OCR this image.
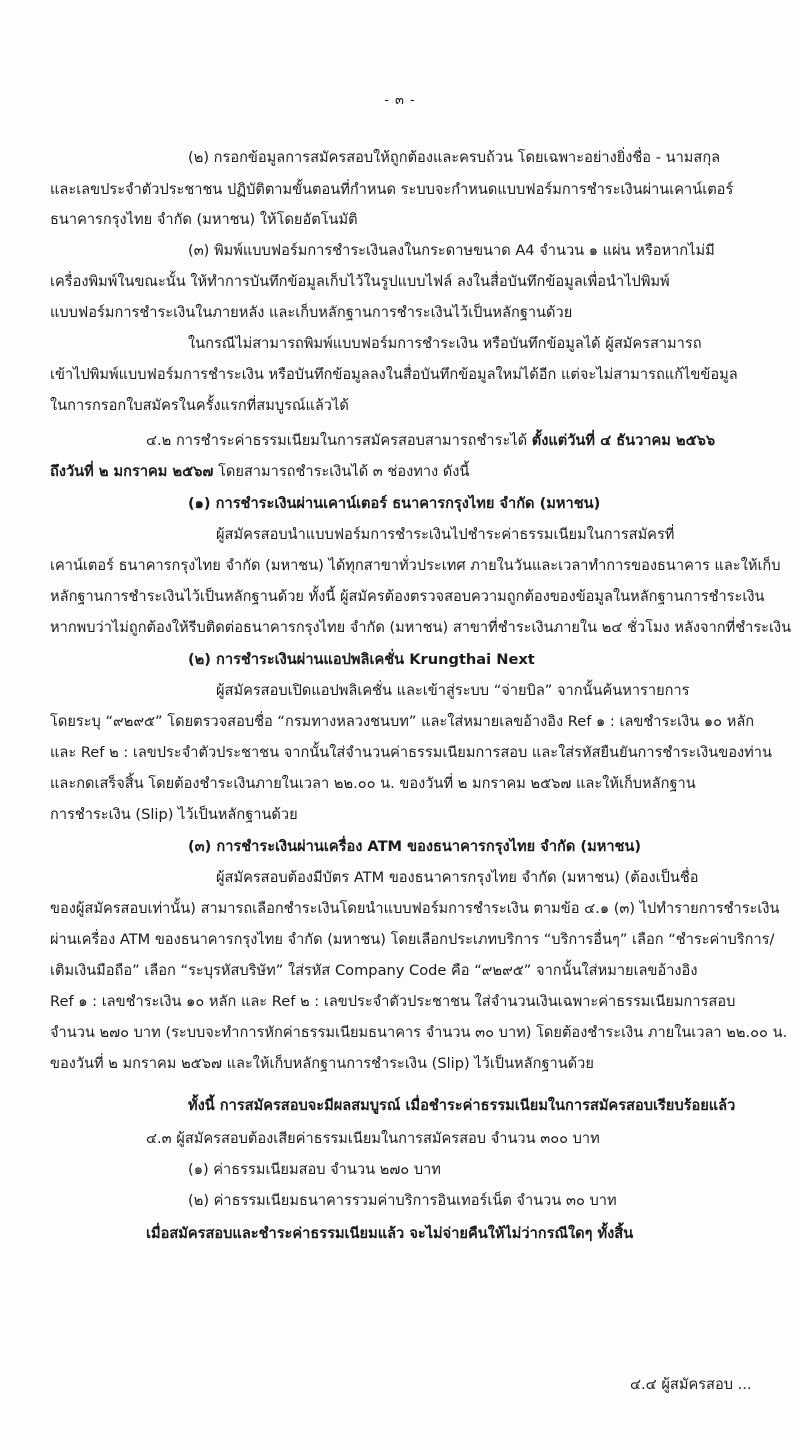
- ๓ -
(๒) กรอกข้อมูลการสมัครสอบให้ถูกต้องและครบถ้วน โดยเฉพาะอย่างยิ่งชื่อ - นามสกุล
และเลขประจำตัวประชาชน ปฏิบัติตามขั้นตอนที่กำหนด ระบบจะกำหนดแบบฟอร์มการชำระเงินผ่านเคาน์เตอร์
ธนาคารกรุงไทย จำกัด (มหาชน) ให้โดยอัตโนมัติ
(๓) พิมพ์แบบฟอร์มการชำระเงินลงในกระดาษขนาด A4 จำนวน ๑ แผ่น หรือหากไม่มี
เครื่องพิมพ์ในขณะนั้น ให้ทำการบันทึกข้อมูลเก็บไว้ในรูปแบบไฟล์ ลงในสื่อบันทึกข้อมูลเพื่อนำไปพิมพ์
แบบฟอร์มการชำระเงินในภายหลัง และเก็บหลักฐานการชำระเงินไว้เป็นหลักฐานด้วย
ในกรณีไม่สามารถพิมพ์แบบฟอร์มการชำระเงิน หรือบันทึกข้อมูลได้ ผู้สมัครสามารถ
เข้าไปพิมพ์แบบฟอร์มการชำระเงิน หรือบันทึกข้อมูลลงในสื่อบันทึกข้อมูลใหม่ได้อีก แต่จะไม่สามารถแก้ไขข้อมูล
ในการกรอกใบสมัครในครั้งแรกที่สมบูรณ์แล้วได้
๔.๒ การชำระค่าธรรมเนียมในการสมัครสอบสามารถชำระได้ ตั้งแต่วันที่ ๔ ธันวาคม ๒๕๖๖
ถึงวันที่ ๒ มกราคม ๒๕๖๗ โดยสามารถชำระเงินได้ ๓ ช่องทาง ดังนี้
(๑) การชำระเงินผ่านเคาน์เตอร์ ธนาคารกรุงไทย จำกัด (มหาชน)
ผู้สมัครสอบนำแบบฟอร์มการชำระเงินไปชำระค่าธรรมเนียมในการสมัครที่
เคาน์เตอร์ ธนาคารกรุงไทย จำกัด (มหาชน) ได้ทุกสาขาทั่วประเทศ ภายในวันและเวลาทำการของธนาคาร และให้เก็บ
หลักฐานการชำระเงินไว้เป็นหลักฐานด้วย ทั้งนี้ ผู้สมัครต้องตรวจสอบความถูกต้องของข้อมูลในหลักฐานการชำระเงิน
หากพบว่าไม่ถูกต้องให้รีบติดต่อธนาคารกรุงไทย จำกัด (มหาชน) สาขาที่ชำระเงินภายใน ๒๔ ชั่วโมง หลังจากที่ชำระเงิน
(๒) การชำระเงินผ่านแอปพลิเคชั่น Krungthai Next
ผู้สมัครสอบเปิดแอปพลิเคชั่น และเข้าสู่ระบบ “จ่ายบิล” จากนั้นค้นหารายการ
โดยระบุ “๙๒๙๕” โดยตรวจสอบชื่อ “กรมทางหลวงชนบท” และใส่หมายเลขอ้างอิง Ref ๑ : เลขชำระเงิน ๑๐ หลัก
และ Ref ๒ : เลขประจำตัวประชาชน จากนั้นใส่จำนวนค่าธรรมเนียมการสอบ และใส่รหัสยืนยันการชำระเงินของท่าน
และกดเสร็จสิ้น โดยต้องชำระเงินภายในเวลา ๒๒.๐๐ น. ของวันที่ ๒ มกราคม ๒๕๖๗ และให้เก็บหลักฐาน
การชำระเงิน (Slip) ไว้เป็นหลักฐานด้วย
(๓) การชำระเงินผ่านเครื่อง ATM ของธนาคารกรุงไทย จำกัด (มหาชน)
ผู้สมัครสอบต้องมีบัตร ATM ของธนาคารกรุงไทย จำกัด (มหาชน) (ต้องเป็นชื่อ
ของผู้สมัครสอบเท่านั้น) สามารถเลือกชำระเงินโดยนำแบบฟอร์มการชำระเงิน ตามข้อ ๔.๑ (๓) ไปทำรายการชำระเงิน
ผ่านเครื่อง ATM ของธนาคารกรุงไทย จำกัด (มหาชน) โดยเลือกประเภทบริการ “บริการอื่นๆ” เลือก “ชำระค่าบริการ/
เติมเงินมือถือ” เลือก “ระบุรหัสบริษัท” ใส่รหัส Company Code คือ “๙๒๙๕” จากนั้นใส่หมายเลขอ้างอิง
Ref ๑ : เลขชำระเงิน ๑๐ หลัก และ Ref ๒ : เลขประจำตัวประชาชน ใส่จำนวนเงินเฉพาะค่าธรรมเนียมการสอบ
จำนวน ๒๗๐ บาท (ระบบจะทำการหักค่าธรรมเนียมธนาคาร จำนวน ๓๐ บาท) โดยต้องชำระเงิน ภายในเวลา ๒๒.๐๐ น.
ของวันที่ ๒ มกราคม ๒๕๖๗ และให้เก็บหลักฐานการชำระเงิน (Slip) ไว้เป็นหลักฐานด้วย
ทั้งนี้ การสมัครสอบจะมีผลสมบูรณ์ เมื่อชำระค่าธรรมเนียมในการสมัครสอบเรียบร้อยแล้ว
๔.๓ ผู้สมัครสอบต้องเสียค่าธรรมเนียมในการสมัครสอบ จำนวน ๓๐๐ บาท
(๑) ค่าธรรมเนียมสอบ จำนวน ๒๗๐ บาท
(๒) ค่าธรรมเนียมธนาคารรวมค่าบริการอินเทอร์เน็ต จำนวน ๓๐ บาท
เมื่อสมัครสอบและชำระค่าธรรมเนียมแล้ว จะไม่จ่ายคืนให้ไม่ว่ากรณีใดๆ ทั้งสิ้น
๔.๔ ผู้สมัครสอบ ...
